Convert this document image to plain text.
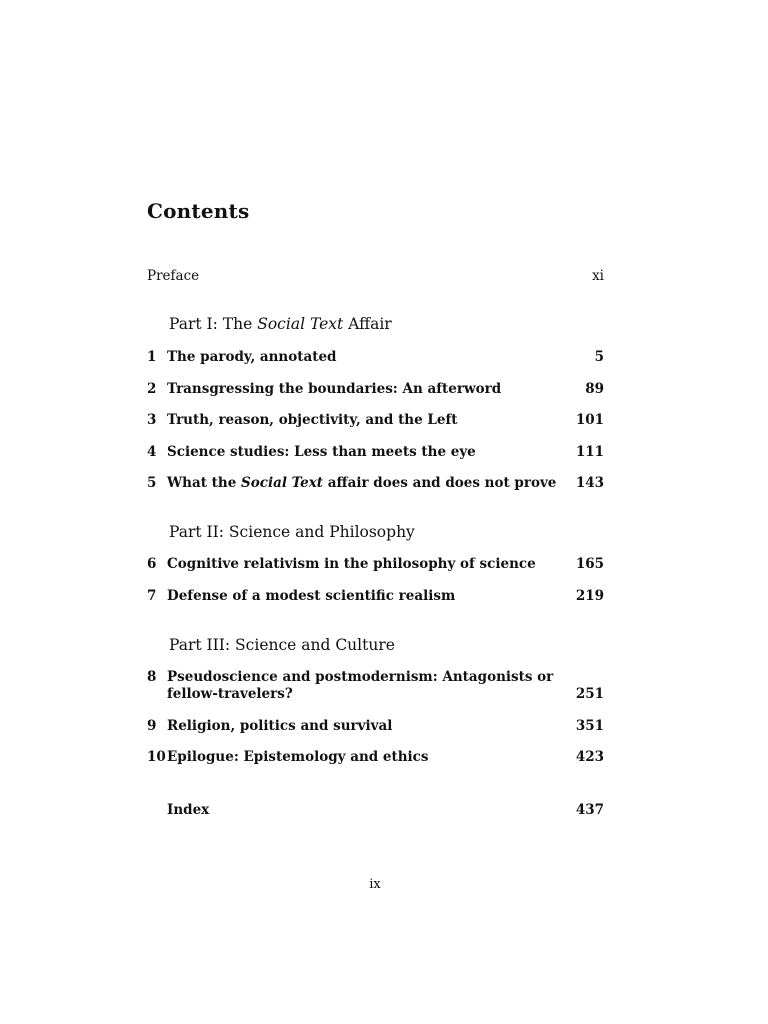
Contents
Preface	xi
Part I: The Social Text Affair
1 The parody, annotated	5
2 Transgressing the boundaries: An afterword	89
3 Truth, reason, objectivity, and the Left	101
4 Science studies: Less than meets the eye	111
5 What the Social Text affair does and does not prove 143
Part II: Science and Philosophy
6 Cognitive relativism in the philosophy of science	165
7 Defense of a modest scientific realism	219
Part III: Science and Culture
8 Pseudoscience and postmodernism: Antagonists or
fellow-travelers?	251
9 Religion, politics and survival	351
10 Epilogue: Epistemology and ethics	423
Index	437
ix
